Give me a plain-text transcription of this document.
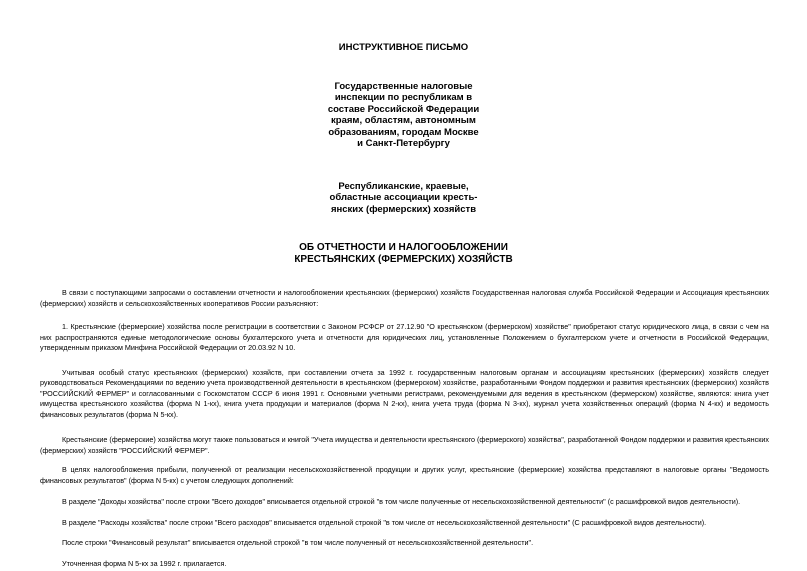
ИНСТРУКТИВНОЕ ПИСЬМО
Государственные налоговые
инспекции по республикам в
составе Российской Федерации
краям, областям, автономным
образованиям, городам Москве
и Санкт-Петербургу
Республиканские, краевые,
областные ассоциации кресть-
янских (фермерских) хозяйств
ОБ ОТЧЕТНОСТИ И НАЛОГООБЛОЖЕНИИ
КРЕСТЬЯНСКИХ (ФЕРМЕРСКИХ) ХОЗЯЙСТВ

В связи с поступающими запросами о составлении отчетности и налогообложении крестьянских (фермерских) хозяйств Государственная налоговая служба Российской Федерации и Ассоциация крестьянских (фермерских) хозяйств и сельскохозяйственных кооперативов России разъясняют:

1. Крестьянские (фермерские) хозяйства после регистрации в соответствии с Законом РСФСР от 27.12.90 "О крестьянском (фермерском) хозяйстве" приобретают статус юридического лица, в связи с чем на них распространяются единые методологические основы бухгалтерского учета и отчетности для юридических лиц, установленные Положением о бухгалтерском учете и отчетности в Российской Федерации, утвержденным приказом Минфина Российской Федерации от 20.03.92 N 10.

Учитывая особый статус крестьянских (фермерских) хозяйств, при составлении отчета за 1992 г. государственным налоговым органам и ассоциациям крестьянских (фермерских) хозяйств следует руководствоваться Рекомендациями по ведению учета производственной деятельности в крестьянском (фермерском) хозяйстве, разработанными Фондом поддержки и развития крестьянских (фермерских) хозяйств "РОССИЙСКИЙ ФЕРМЕР" и согласованными с Госкомстатом СССР 6 июня 1991 г. Основными учетными регистрами, рекомендуемыми для ведения в крестьянском (фермерском) хозяйстве, являются: книга учет имущества крестьянского хозяйства (форма N 1-кх), книга учета продукции и материалов (форма N 2-кх), книга учета труда (форма N 3-кх), журнал учета хозяйственных операций (форма N 4-кх) и ведомость финансовых результатов (форма N 5-кх).

Крестьянские (фермерские) хозяйства могут также пользоваться и книгой "Учета имущества и деятельности крестьянского (фермерского) хозяйства", разработанной Фондом поддержки и развития крестьянских (фермерских) хозяйств "РОССИЙСКИЙ ФЕРМЕР".

В целях налогообложения прибыли, полученной от реализации несельскохозяйственной продукции и других услуг, крестьянские (фермерские) хозяйства представляют в налоговые органы "Ведомость финансовых результатов" (форма N 5-кх) с учетом следующих дополнений:

В разделе "Доходы хозяйства" после строки "Всего доходов" вписывается отдельной строкой "в том числе полученные от несельскохозяйственной деятельности" (с расшифровкой видов деятельности).

В разделе "Расходы хозяйства" после строки "Всего расходов" вписывается отдельной строкой "в том числе от несельскохозяйственной деятельности" (С расшифровкой видов деятельности).

После строки "Финансовый результат" вписывается отдельной строкой "в том числе полученный от несельскохозяйственной деятельности".

Уточненная форма N 5-кх за 1992 г. прилагается.
